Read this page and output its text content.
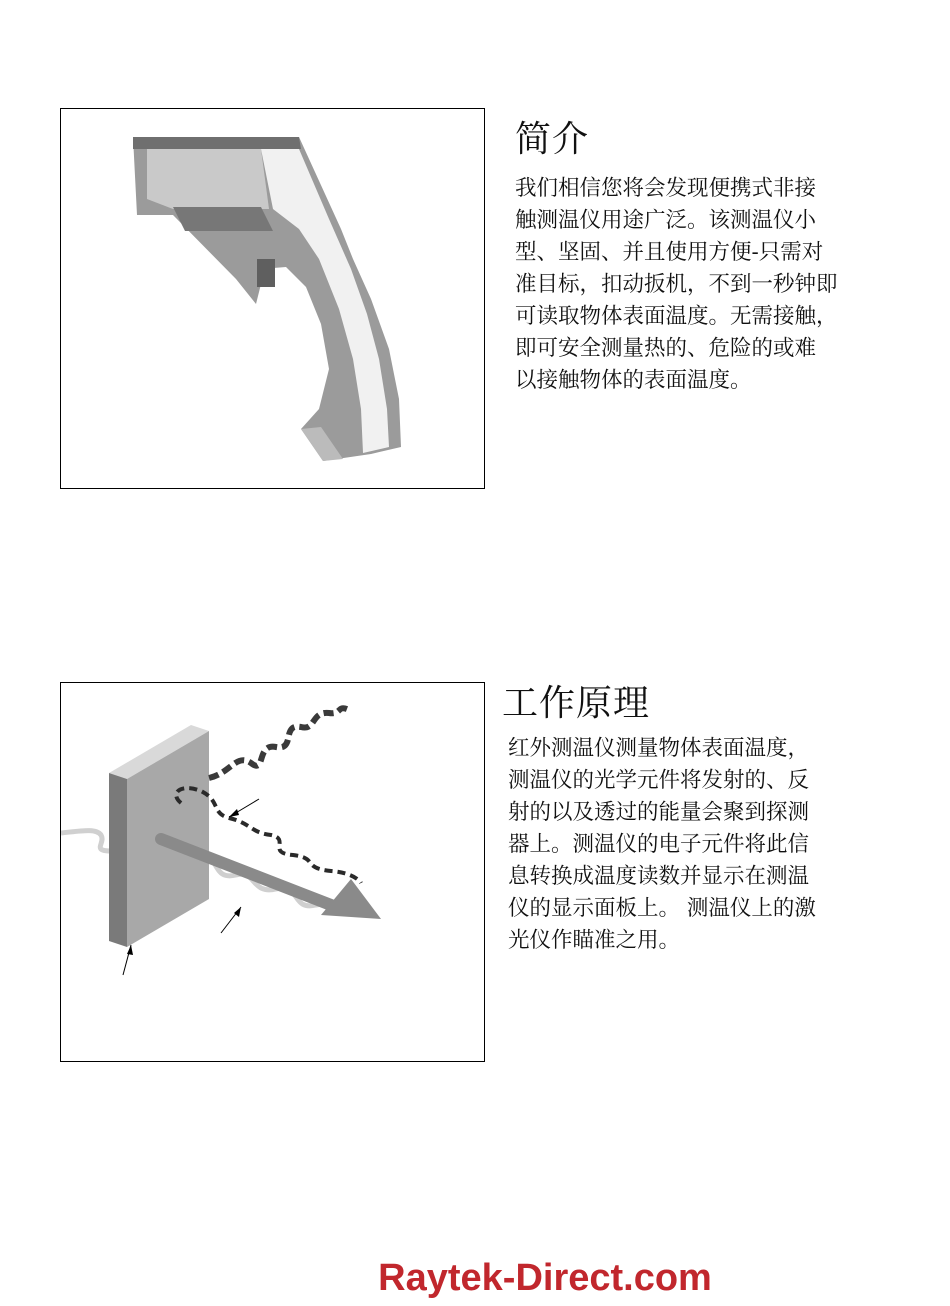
简介
我们相信您将会发现便携式非接
触测温仪用途广泛。该测温仪小
型、坚固、并且使用方便-只需对
准目标，扣动扳机，不到一秒钟即
可读取物体表面温度。无需接触，
即可安全测量热的、危险的或难
以接触物体的表面温度。
工作原理
红外测温仪测量物体表面温度，
测温仪的光学元件将发射的、反
射的以及透过的能量会聚到探测
器上。测温仪的电子元件将此信
息转换成温度读数并显示在测温
仪的显示面板上。 测温仪上的激
光仪作瞄准之用。
Raytek-Direct.com
